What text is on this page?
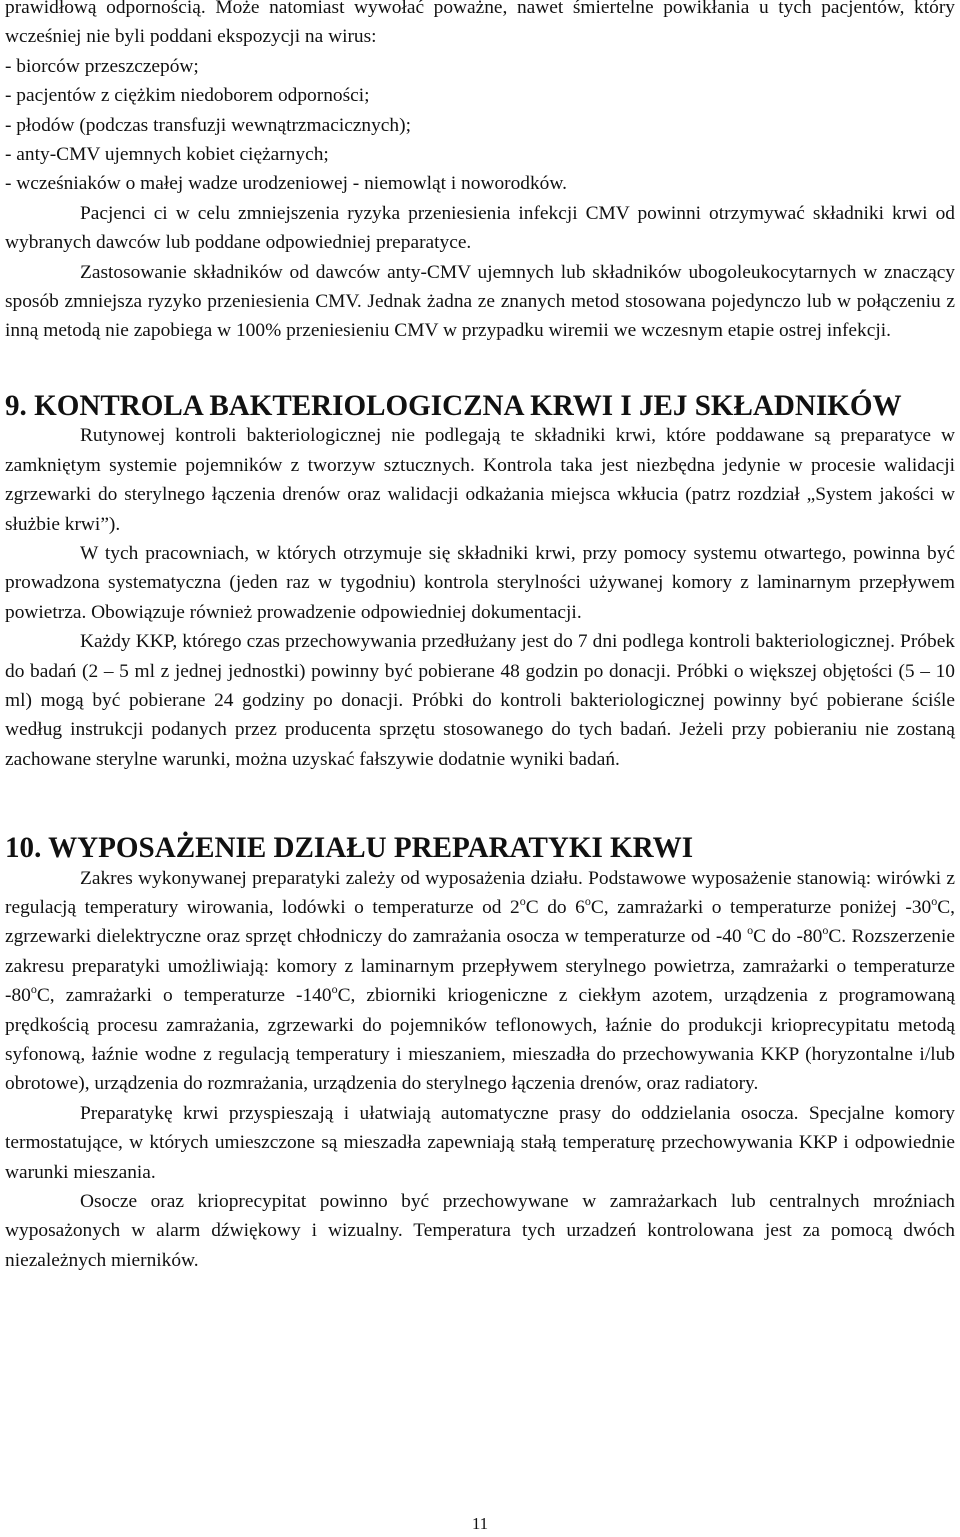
prawidłową odpornością. Może natomiast wywołać poważne, nawet śmiertelne powikłania u tych pacjentów, który wcześniej nie byli poddani ekspozycji na wirus:

- biorców przeszczepów;
- pacjentów z ciężkim niedoborem odporności;
- płodów (podczas transfuzji wewnątrzmacicznych);
- anty-CMV ujemnych kobiet ciężarnych;
- wcześniaków o małej wadze urodzeniowej - niemowląt i noworodków.

Pacjenci ci w celu zmniejszenia ryzyka przeniesienia infekcji CMV powinni otrzymywać składniki krwi od wybranych dawców lub poddane odpowiedniej preparatyce.

Zastosowanie składników od dawców anty-CMV ujemnych lub składników ubogoleukocytarnych w znaczący sposób zmniejsza ryzyko przeniesienia CMV. Jednak żadna ze znanych metod stosowana pojedynczo lub w połączeniu z inną metodą nie zapobiega w 100% przeniesieniu CMV w przypadku wiremii we wczesnym etapie ostrej infekcji.

9. KONTROLA BAKTERIOLOGICZNA KRWI I JEJ SKŁADNIKÓW

Rutynowej kontroli bakteriologicznej nie podlegają te składniki krwi, które poddawane są preparatyce w zamkniętym systemie pojemników z tworzyw sztucznych. Kontrola taka jest niezbędna jedynie w procesie walidacji zgrzewarki do sterylnego łączenia drenów oraz walidacji odkażania miejsca wkłucia (patrz rozdział „System jakości w służbie krwi”).

W tych pracowniach, w których otrzymuje się składniki krwi, przy pomocy systemu otwartego, powinna być prowadzona systematyczna (jeden raz w tygodniu) kontrola sterylności używanej komory z laminarnym przepływem powietrza. Obowiązuje również prowadzenie odpowiedniej dokumentacji.

Każdy KKP, którego czas przechowywania przedłużany jest do 7 dni podlega kontroli bakteriologicznej. Próbek do badań (2 – 5 ml z jednej jednostki) powinny być pobierane 48 godzin po donacji. Próbki o większej objętości (5 – 10 ml) mogą być pobierane 24 godziny po donacji. Próbki do kontroli bakteriologicznej powinny być pobierane ściśle według instrukcji podanych przez producenta sprzętu stosowanego do tych badań. Jeżeli przy pobieraniu nie zostaną zachowane sterylne warunki, można uzyskać fałszywie dodatnie wyniki badań.

10. WYPOSAŻENIE DZIAŁU PREPARATYKI KRWI

Zakres wykonywanej preparatyki zależy od wyposażenia działu. Podstawowe wyposażenie stanowią: wirówki z regulacją temperatury wirowania, lodówki o temperaturze od 2$^o$C do 6$^o$C, zamrażarki o temperaturze poniżej -30$^o$C, zgrzewarki dielektryczne oraz sprzęt chłodniczy do zamrażania osocza w temperaturze od -40 $^o$C do -80$^o$C. Rozszerzenie zakresu preparatyki umożliwiają: komory z laminarnym przepływem sterylnego powietrza, zamrażarki o temperaturze -80$^o$C, zamrażarki o temperaturze -140$^o$C, zbiorniki kriogeniczne z ciekłym azotem, urządzenia z programowaną prędkością procesu zamrażania, zgrzewarki do pojemników teflonowych, łaźnie do produkcji krioprecypitatu metodą syfonową, łaźnie wodne z regulacją temperatury i mieszaniem, mieszadła do przechowywania KKP (horyzontalne i/lub obrotowe), urządzenia do rozmrażania, urządzenia do sterylnego łączenia drenów, oraz radiatory.

Preparatykę krwi przyspieszają i ułatwiają automatyczne prasy do oddzielania osocza. Specjalne komory termostatujące, w których umieszczone są mieszadła zapewniają stałą temperaturę przechowywania KKP i odpowiednie warunki mieszania.

Osocze oraz krioprecypitat powinno być przechowywane w zamrażarkach lub centralnych mroźniach wyposażonych w alarm dźwiękowy i wizualny. Temperatura tych urzadzeń kontrolowana jest za pomocą dwóch niezależnych mierników.

11
